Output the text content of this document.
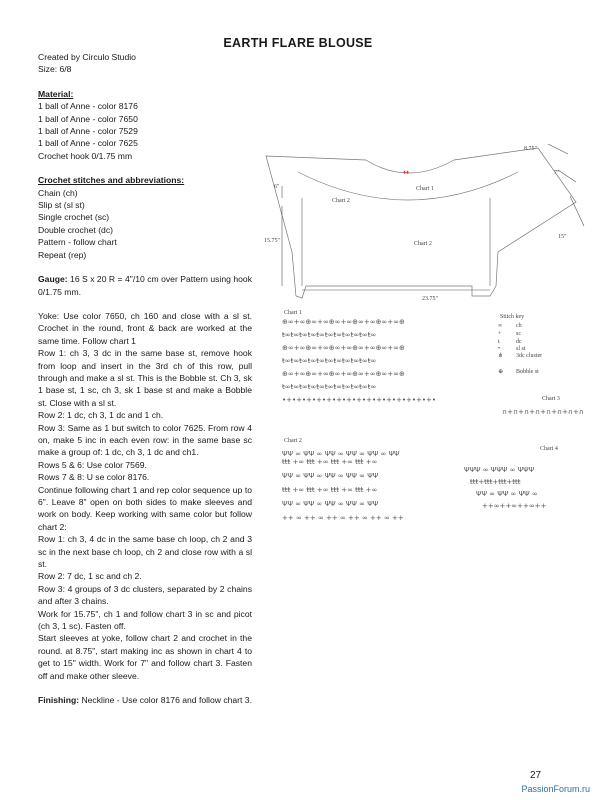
EARTH FLARE BLOUSE

Created by Circulo Studio

Size: 6/8

Material:

1 ball of Anne - color 8176

1 ball of Anne - color 7650

1 ball of Anne - color 7529

1 ball of Anne - color 7625

Crochet hook 0/1.75 mm

Crochet stitches and abbreviations:

Chain (ch)

Slip st (sl st)

Single crochet (sc)

Double crochet (dc)

Pattern - follow chart

Repeat (rep)

Gauge: 16 S x 20 R = 4"/10 cm over Pattern using hook 0/1.75 mm.

Yoke: Use color 7650, ch 160 and close with a sl st. Crochet in the round, front & back are worked at the same time. Follow chart 1

Row 1: ch 3, 3 dc in the same base st, remove hook from loop and insert in the 3rd ch of this row, pull through and make a sl st. This is the Bobble st. Ch 3, sk 1 base st, 1 sc, ch 3, sk 1 base st and make a Bobble st. Close with a sl st.

Row 2: 1 dc, ch 3, 1 dc and 1 ch.

Row 3: Same as 1 but switch to color 7625. From row 4 on, make 5 inc in each even row: in the same base sc make a group of: 1 dc, ch 3, 1 dc and ch1.

Rows 5 & 6: Use color 7569.

Rows 7 & 8: U se color 8176.

Continue following chart 1 and rep color sequence up to 6". Leave 8" open on both sides to make sleeves and work on body. Keep working with same color but follow chart 2:

Row 1: ch 3, 4 dc in the same base ch loop, ch 2 and 3 sc in the next base ch loop, ch 2 and close row with a sl st.

Row 2: 7 dc, 1 sc and ch 2.

Row 3: 4 groups of 3 dc clusters, separated by 2 chains and after 3 chains.

Work for 15.75", ch 1 and follow chart 3 in sc and picot (ch 3, 1 sc). Fasten off.

Start sleeves at yoke, follow chart 2 and crochet in the round. at 8.75", start making inc as shown in chart 4 to get to 15" width. Work for 7" and follow chart 3. Fasten off and make other sleeve.

Finishing: Neckline - Use color 8176 and follow chart 3.

♦♦
Chart 1
Chart 2
Chart 2
6"
15.75"
23.75"
8.75"
7"
15"
Chart 1
⊕∞+∞⊕∞+∞⊕∞+∞⊕∞+∞⊕∞+∞⊕
ŧ∞ŧ∞ŧ∞ŧ∞ŧ∞ŧ∞ŧ∞ŧ∞ŧ∞ŧ∞ŧ∞
⊕∞+∞⊕∞+∞⊕∞+∞⊕∞+∞⊕∞+∞⊕
ŧ∞ŧ∞ŧ∞ŧ∞ŧ∞ŧ∞ŧ∞ŧ∞ŧ∞ŧ∞ŧ∞
⊕∞+∞⊕∞+∞⊕∞+∞⊕∞+∞⊕∞+∞⊕
ŧ∞ŧ∞ŧ∞ŧ∞ŧ∞ŧ∞ŧ∞ŧ∞ŧ∞ŧ∞ŧ∞
•+•+•+•+•+•+•+•+•+•+•+•+•+•+•+•
Stitch key
∞ ch
+ sc
ŧ	dc
•	sl st
⋔ 3dc cluster
⊕ Bobble st
Chart 3
∩+∩+∩+∩+∩+∩+∩+∩
Chart 2
ΨΨ ∞ ΨΨ ∞ ΨΨ ∞ ΨΨ ∞ ΨΨ ∞ ΨΨ
Chart 4
ŧŧŧ +∞ ŧŧŧ +∞ ŧŧŧ +∞ ŧŧŧ +∞
ΨΨ ∞ ΨΨ ∞ ΨΨ ∞ ΨΨ ∞ ΨΨ
ŧŧŧ +∞ ŧŧŧ +∞ ŧŧŧ +∞ ŧŧŧ +∞
ΨΨ ∞ ΨΨ ∞ ΨΨ ∞ ΨΨ ∞ ΨΨ
++ ∞ ++ ∞ ++ ∞ ++ ∞ ++ ∞ ++
ΨΨΨ ∞ ΨΨΨ ∞ ΨΨΨ
ŧŧŧ+ŧŧŧ+ŧŧŧ+ŧŧŧ
ΨΨ ∞ ΨΨ ∞ ΨΨ ∞
++∞++∞++∞++
27
PassionForum.ru
